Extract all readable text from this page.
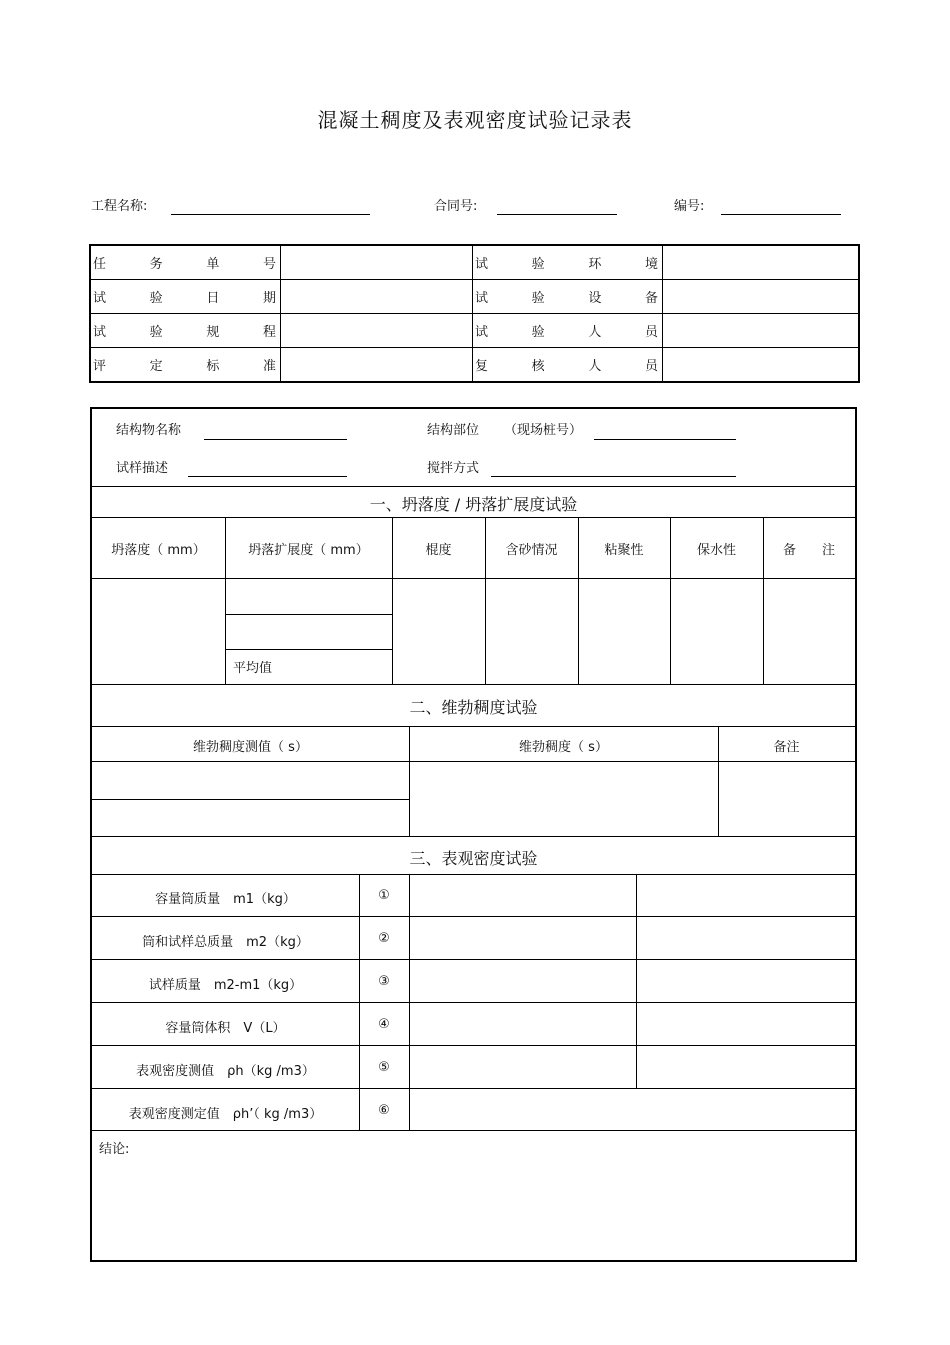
混凝土稠度及表观密度试验记录表
工程名称:	合同号:	编号:
任 务 单 号		试 验 环 境	

试 验 日 期		试 验 设 备	

试 验 规 程		试 验 人 员	

评 定 标 准		复 核 人 员	

结构物名称	结构部位 （现场桩号）
试样描述	搅拌方式
一、坍落度 / 坍落扩展度试验
坍落度（ mm）	坍落扩展度（ mm）	棍度	含砂情况	粘聚性	保水性	备　　注
平均值
二、维勃稠度试验
维勃稠度测值（ s）	维勃稠度（ s）	备注
三、表观密度试验
容量筒质量　m1（kg）	①
筒和试样总质量　m2（kg）	②
试样质量　m2-m1（kg）	③
容量筒体积　V（L）	④
表观密度测值　ρh（kg /m3）	⑤
表观密度测定值　ρh’（ kg /m3）	⑥
结论:
